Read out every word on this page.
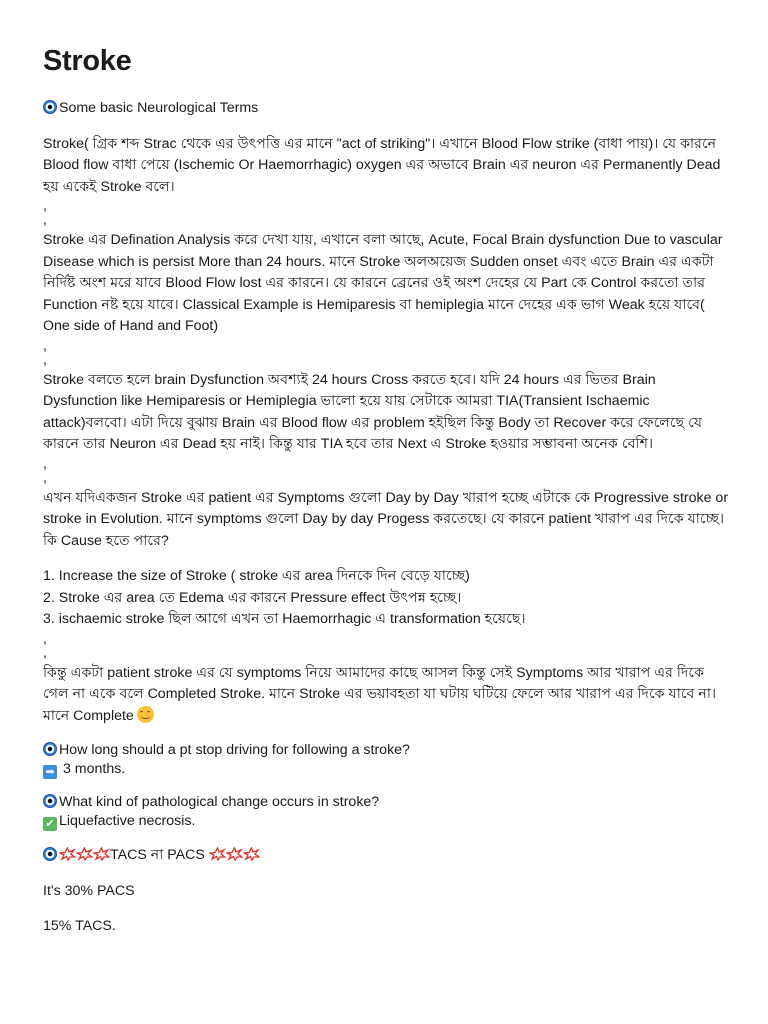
Stroke
Some basic Neurological Terms
Stroke( গ্রিক শব্দ Strac থেকে এর উৎপত্তি এর মানে "act of striking"। এখানে Blood Flow strike (বাধা পায়)। যে কারনে Blood flow বাধা পেয়ে (Ischemic Or Haemorrhagic) oxygen এর অভাবে Brain এর neuron এর Permanently Dead হয় একেই Stroke বলে।
,
,
Stroke এর Defination Analysis করে দেখা যায়, এখানে বলা আছে, Acute, Focal Brain dysfunction Due to vascular Disease which is persist More than 24 hours. মানে Stroke অলঅয়েজ Sudden onset এবং এতে Brain এর একটা নির্দিষ্ট অংশ মরে যাবে Blood Flow lost এর কারনে। যে কারনে ব্রেনের ওই অংশ দেহের যে Part কে Control করতো তার Function নষ্ট হয়ে যাবে। Classical Example is Hemiparesis বা hemiplegia মানে দেহের এক ভাগ Weak হয়ে যাবে( One side of Hand and Foot)
,
,
Stroke বলতে হলে brain Dysfunction অবশ্যই 24 hours Cross করতে হবে। যদি 24 hours এর ভিতর Brain Dysfunction like Hemiparesis or Hemiplegia ভালো হয়ে যায় সেটাকে আমরা TIA(Transient Ischaemic attack)বলবো। এটা দিয়ে বুঝায় Brain এর Blood flow এর problem হইছিল কিন্তু Body তা Recover করে ফেলেছে যে কারনে তার Neuron এর Dead হয় নাই। কিন্তু যার TIA হবে তার Next এ Stroke হওয়ার সম্ভাবনা অনেক বেশি।
,
,
এখন যদিএকজন Stroke এর patient এর Symptoms গুলো Day by Day খারাপ হচ্ছে এটাকে কে Progressive stroke or stroke in Evolution. মানে symptoms গুলো Day by day Progess করতেছে। যে কারনে patient খারাপ এর দিকে যাচ্ছে। কি Cause হতে পারে?
1. Increase the size of Stroke ( stroke এর area দিনকে দিন বেড়ে যাচ্ছে)
2. Stroke এর area তে Edema এর কারনে Pressure effect উৎপন্ন হচ্ছে।
3. ischaemic stroke ছিল আগে এখন তা Haemorrhagic এ transformation হয়েছে।
,
,
কিন্তু একটা patient stroke এর যে symptoms নিয়ে আমাদের কাছে আসল কিন্তু সেই Symptoms আর খারাপ এর দিকে গেল না একে বলে Completed Stroke. মানে Stroke এর ভয়াবহতা যা ঘটায় ঘটিয়ে ফেলে আর খারাপ এর দিকে যাবে না। মানে Complete
How long should a pt stop driving for following a stroke?
➡ 3 months.
What kind of pathological change occurs in stroke?
✔ Liquefactive necrosis.
TACS না PACS
It's 30% PACS
15% TACS.
